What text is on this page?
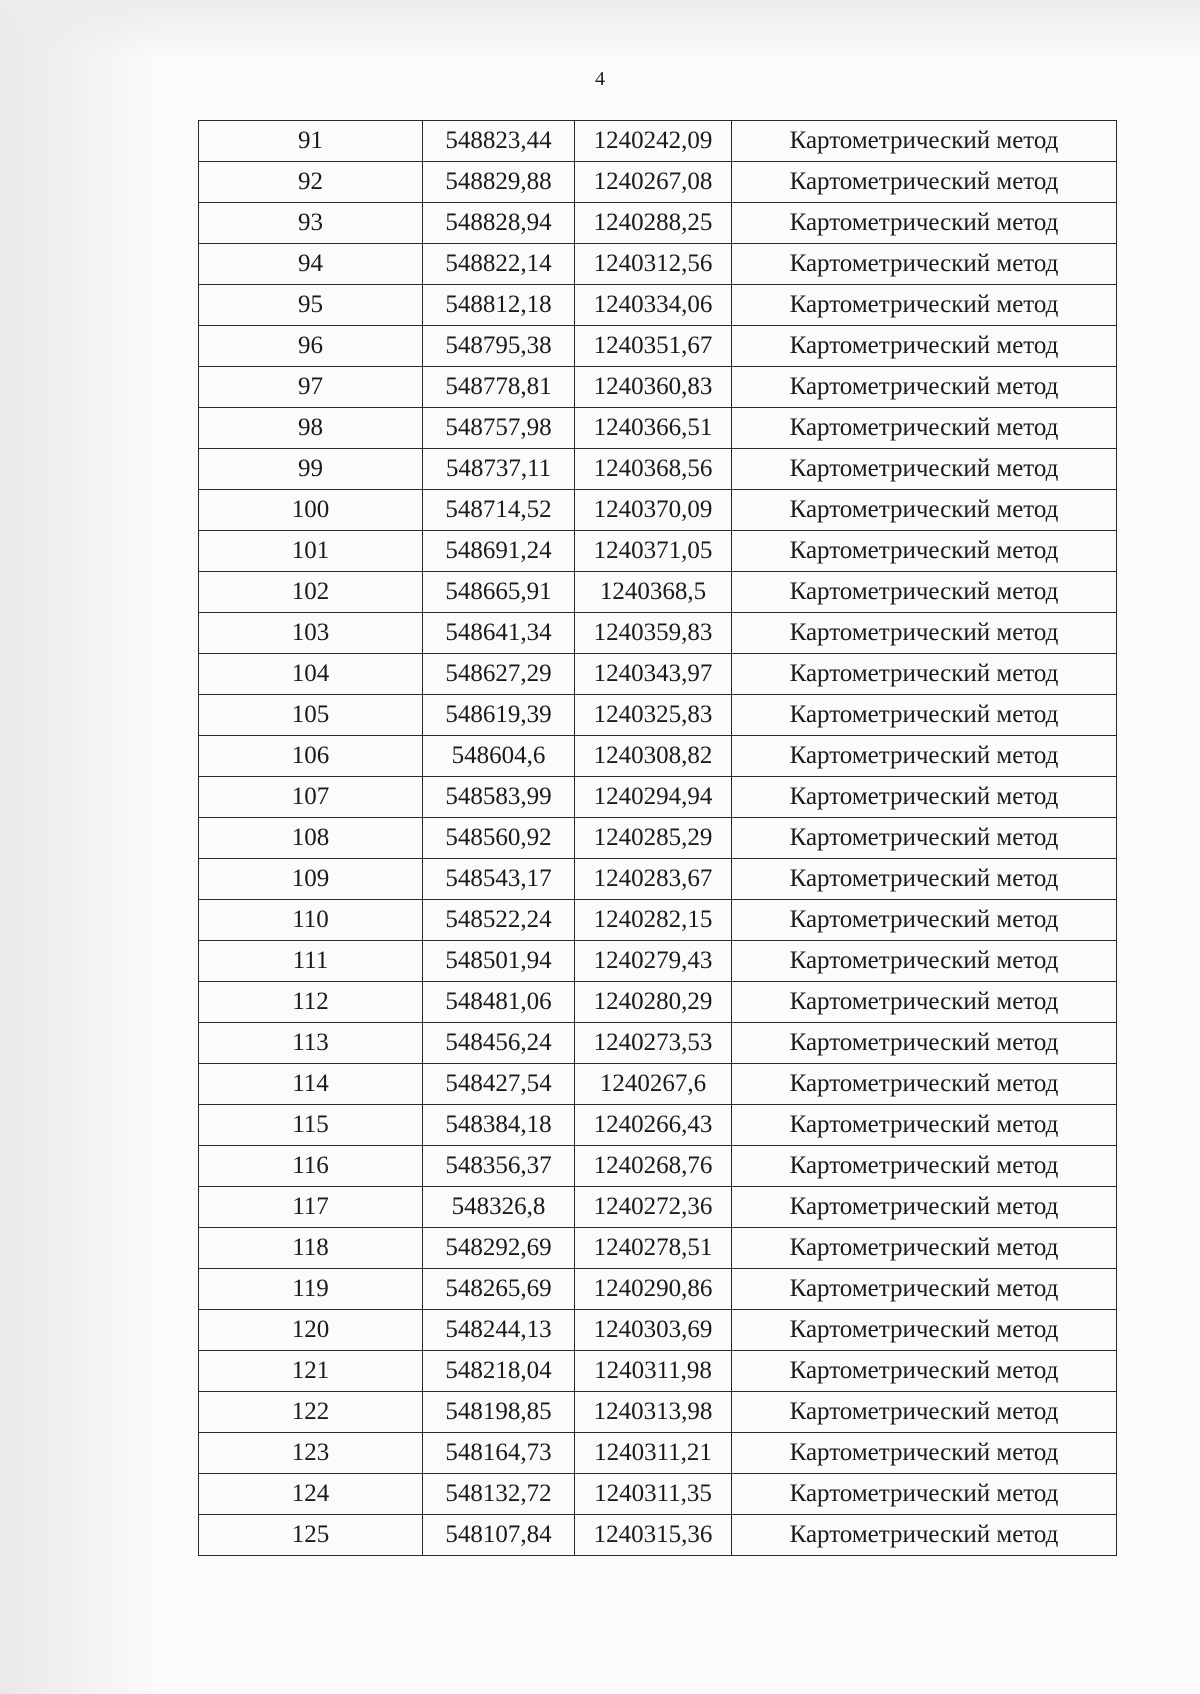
4
91	548823,44	1240242,09	Картометрический метод
92	548829,88	1240267,08	Картометрический метод
93	548828,94	1240288,25	Картометрический метод
94	548822,14	1240312,56	Картометрический метод
95	548812,18	1240334,06	Картометрический метод
96	548795,38	1240351,67	Картометрический метод
97	548778,81	1240360,83	Картометрический метод
98	548757,98	1240366,51	Картометрический метод
99	548737,11	1240368,56	Картометрический метод
100	548714,52	1240370,09	Картометрический метод
101	548691,24	1240371,05	Картометрический метод
102	548665,91	1240368,5	Картометрический метод
103	548641,34	1240359,83	Картометрический метод
104	548627,29	1240343,97	Картометрический метод
105	548619,39	1240325,83	Картометрический метод
106	548604,6	1240308,82	Картометрический метод
107	548583,99	1240294,94	Картометрический метод
108	548560,92	1240285,29	Картометрический метод
109	548543,17	1240283,67	Картометрический метод
110	548522,24	1240282,15	Картометрический метод
111	548501,94	1240279,43	Картометрический метод
112	548481,06	1240280,29	Картометрический метод
113	548456,24	1240273,53	Картометрический метод
114	548427,54	1240267,6	Картометрический метод
115	548384,18	1240266,43	Картометрический метод
116	548356,37	1240268,76	Картометрический метод
117	548326,8	1240272,36	Картометрический метод
118	548292,69	1240278,51	Картометрический метод
119	548265,69	1240290,86	Картометрический метод
120	548244,13	1240303,69	Картометрический метод
121	548218,04	1240311,98	Картометрический метод
122	548198,85	1240313,98	Картометрический метод
123	548164,73	1240311,21	Картометрический метод
124	548132,72	1240311,35	Картометрический метод
125	548107,84	1240315,36	Картометрический метод
